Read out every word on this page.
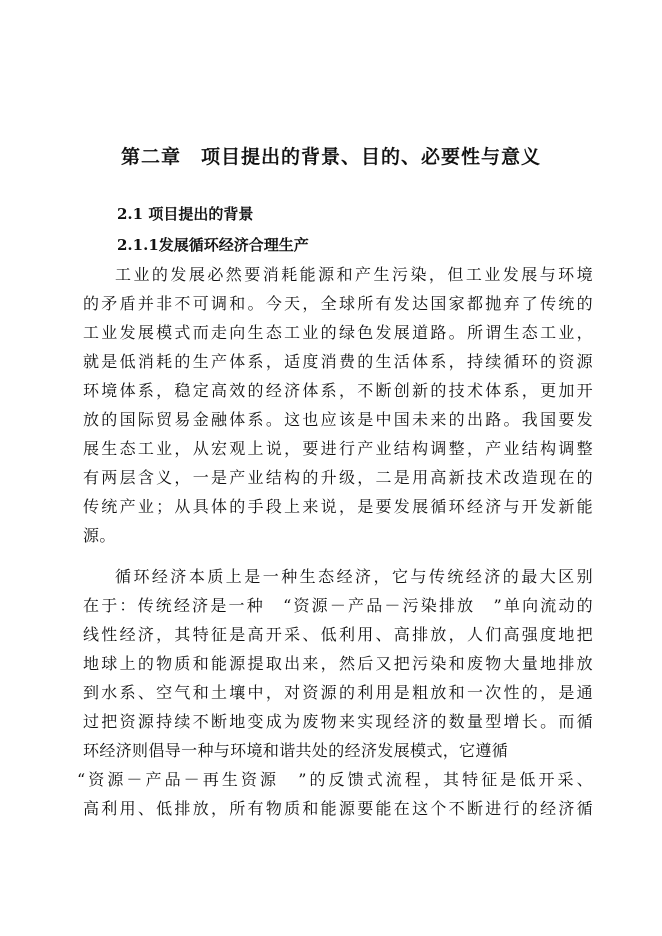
第二章　项目提出的背景、目的、必要性与意义
2.1 项目提出的背景
2.1.1发展循环经济合理生产
工业的发展必然要消耗能源和产生污染，但工业发展与环境
的矛盾并非不可调和。今天，全球所有发达国家都抛弃了传统的
工业发展模式而走向生态工业的绿色发展道路。所谓生态工业，
就是低消耗的生产体系，适度消费的生活体系，持续循环的资源
环境体系，稳定高效的经济体系，不断创新的技术体系，更加开
放的国际贸易金融体系。这也应该是中国未来的出路。我国要发
展生态工业，从宏观上说，要进行产业结构调整，产业结构调整
有两层含义，一是产业结构的升级，二是用高新技术改造现在的
传统产业；从具体的手段上来说，是要发展循环经济与开发新能
源。
循环经济本质上是一种生态经济，它与传统经济的最大区别
在于：传统经济是一种　“资源－产品－污染排放　”单向流动的
线性经济，其特征是高开采、低利用、高排放，人们高强度地把
地球上的物质和能源提取出来，然后又把污染和废物大量地排放
到水系、空气和土壤中，对资源的利用是粗放和一次性的，是通
过把资源持续不断地变成为废物来实现经济的数量型增长。而循
环经济则倡导一种与环境和谐共处的经济发展模式，它遵循
“资源－产品－再生资源　”的反馈式流程，其特征是低开采、
高利用、低排放，所有物质和能源要能在这个不断进行的经济循
